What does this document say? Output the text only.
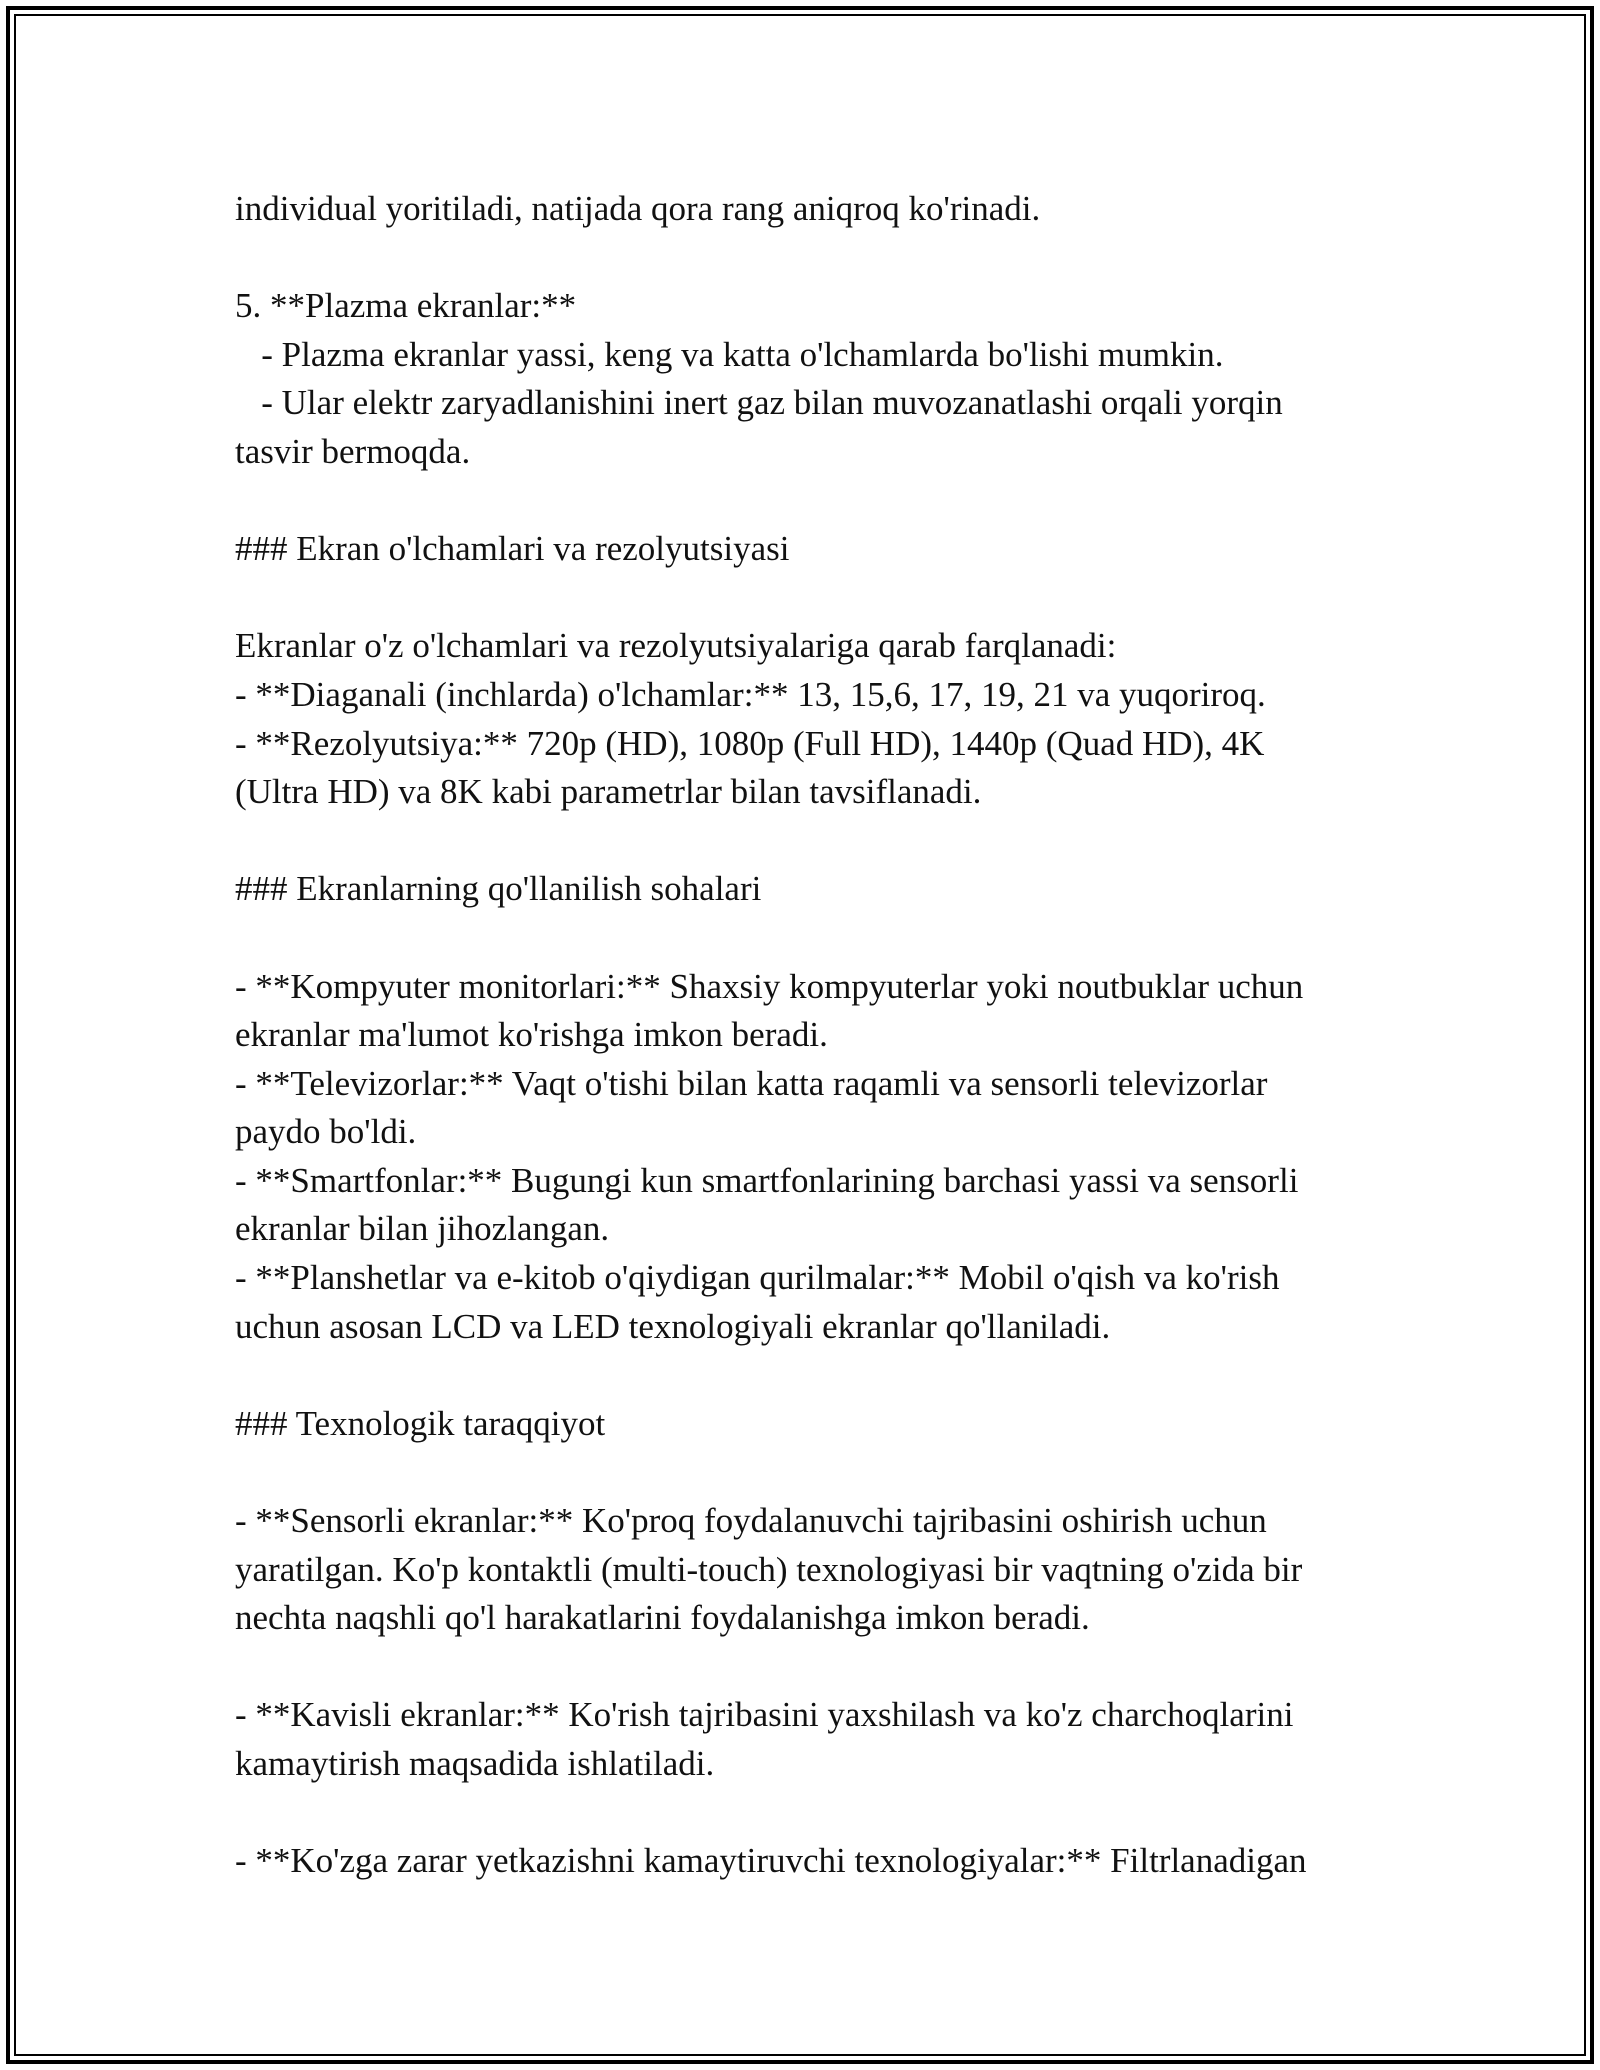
individual yoritiladi, natijada qora rang aniqroq ko'rinadi.
5. **Plazma ekranlar:**
- Plazma ekranlar yassi, keng va katta o'lchamlarda bo'lishi mumkin.
- Ular elektr zaryadlanishini inert gaz bilan muvozanatlashi orqali yorqin
tasvir bermoqda.
### Ekran o'lchamlari va rezolyutsiyasi
Ekranlar o'z o'lchamlari va rezolyutsiyalariga qarab farqlanadi:
- **Diaganali (inchlarda) o'lchamlar:** 13, 15,6, 17, 19, 21 va yuqoriroq.
- **Rezolyutsiya:** 720p (HD), 1080p (Full HD), 1440p (Quad HD), 4K
(Ultra HD) va 8K kabi parametrlar bilan tavsiflanadi.
### Ekranlarning qo'llanilish sohalari
- **Kompyuter monitorlari:** Shaxsiy kompyuterlar yoki noutbuklar uchun
ekranlar ma'lumot ko'rishga imkon beradi.
- **Televizorlar:** Vaqt o'tishi bilan katta raqamli va sensorli televizorlar
paydo bo'ldi.
- **Smartfonlar:** Bugungi kun smartfonlarining barchasi yassi va sensorli
ekranlar bilan jihozlangan.
- **Planshetlar va e-kitob o'qiydigan qurilmalar:** Mobil o'qish va ko'rish
uchun asosan LCD va LED texnologiyali ekranlar qo'llaniladi.
### Texnologik taraqqiyot
- **Sensorli ekranlar:** Ko'proq foydalanuvchi tajribasini oshirish uchun
yaratilgan. Ko'p kontaktli (multi-touch) texnologiyasi bir vaqtning o'zida bir
nechta naqshli qo'l harakatlarini foydalanishga imkon beradi.
- **Kavisli ekranlar:** Ko'rish tajribasini yaxshilash va ko'z charchoqlarini
kamaytirish maqsadida ishlatiladi.
- **Ko'zga zarar yetkazishni kamaytiruvchi texnologiyalar:** Filtrlanadigan
